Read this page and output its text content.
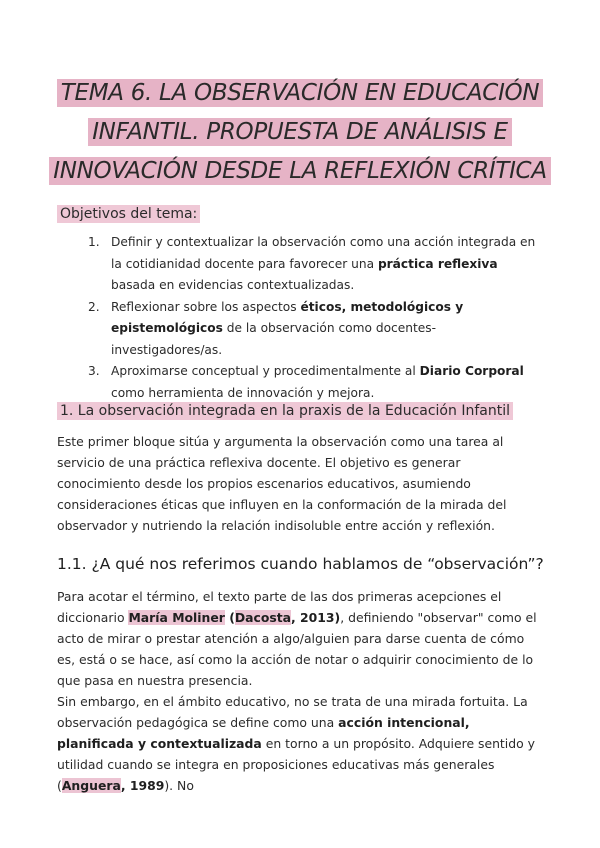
TEMA 6. LA OBSERVACIÓN EN EDUCACIÓN
INFANTIL. PROPUESTA DE ANÁLISIS E
INNOVACIÓN DESDE LA REFLEXIÓN CRÍTICA
Objetivos del tema:
1. Definir y contextualizar la observación como una acción integrada en la cotidianidad docente para favorecer una práctica reflexiva basada en evidencias contextualizadas.
2. Reflexionar sobre los aspectos éticos, metodológicos y epistemológicos de la observación como docentes-investigadores/as.
3. Aproximarse conceptual y procedimentalmente al Diario Corporal como herramienta de innovación y mejora.
1. La observación integrada en la praxis de la Educación Infantil

Este primer bloque sitúa y argumenta la observación como una tarea al servicio de una práctica reflexiva docente. El objetivo es generar conocimiento desde los propios escenarios educativos, asumiendo consideraciones éticas que influyen en la conformación de la mirada del observador y nutriendo la relación indisoluble entre acción y reflexión.

1.1. ¿A qué nos referimos cuando hablamos de “observación”?

Para acotar el término, el texto parte de las dos primeras acepciones el diccionario María Moliner (Dacosta, 2013), definiendo "observar" como el acto de mirar o prestar atención a algo/alguien para darse cuenta de cómo es, está o se hace, así como la acción de notar o adquirir conocimiento de lo que pasa en nuestra presencia.
Sin embargo, en el ámbito educativo, no se trata de una mirada fortuita. La observación pedagógica se define como una acción intencional, planificada y contextualizada en torno a un propósito. Adquiere sentido y utilidad cuando se integra en proposiciones educativas más generales (Anguera, 1989). No
